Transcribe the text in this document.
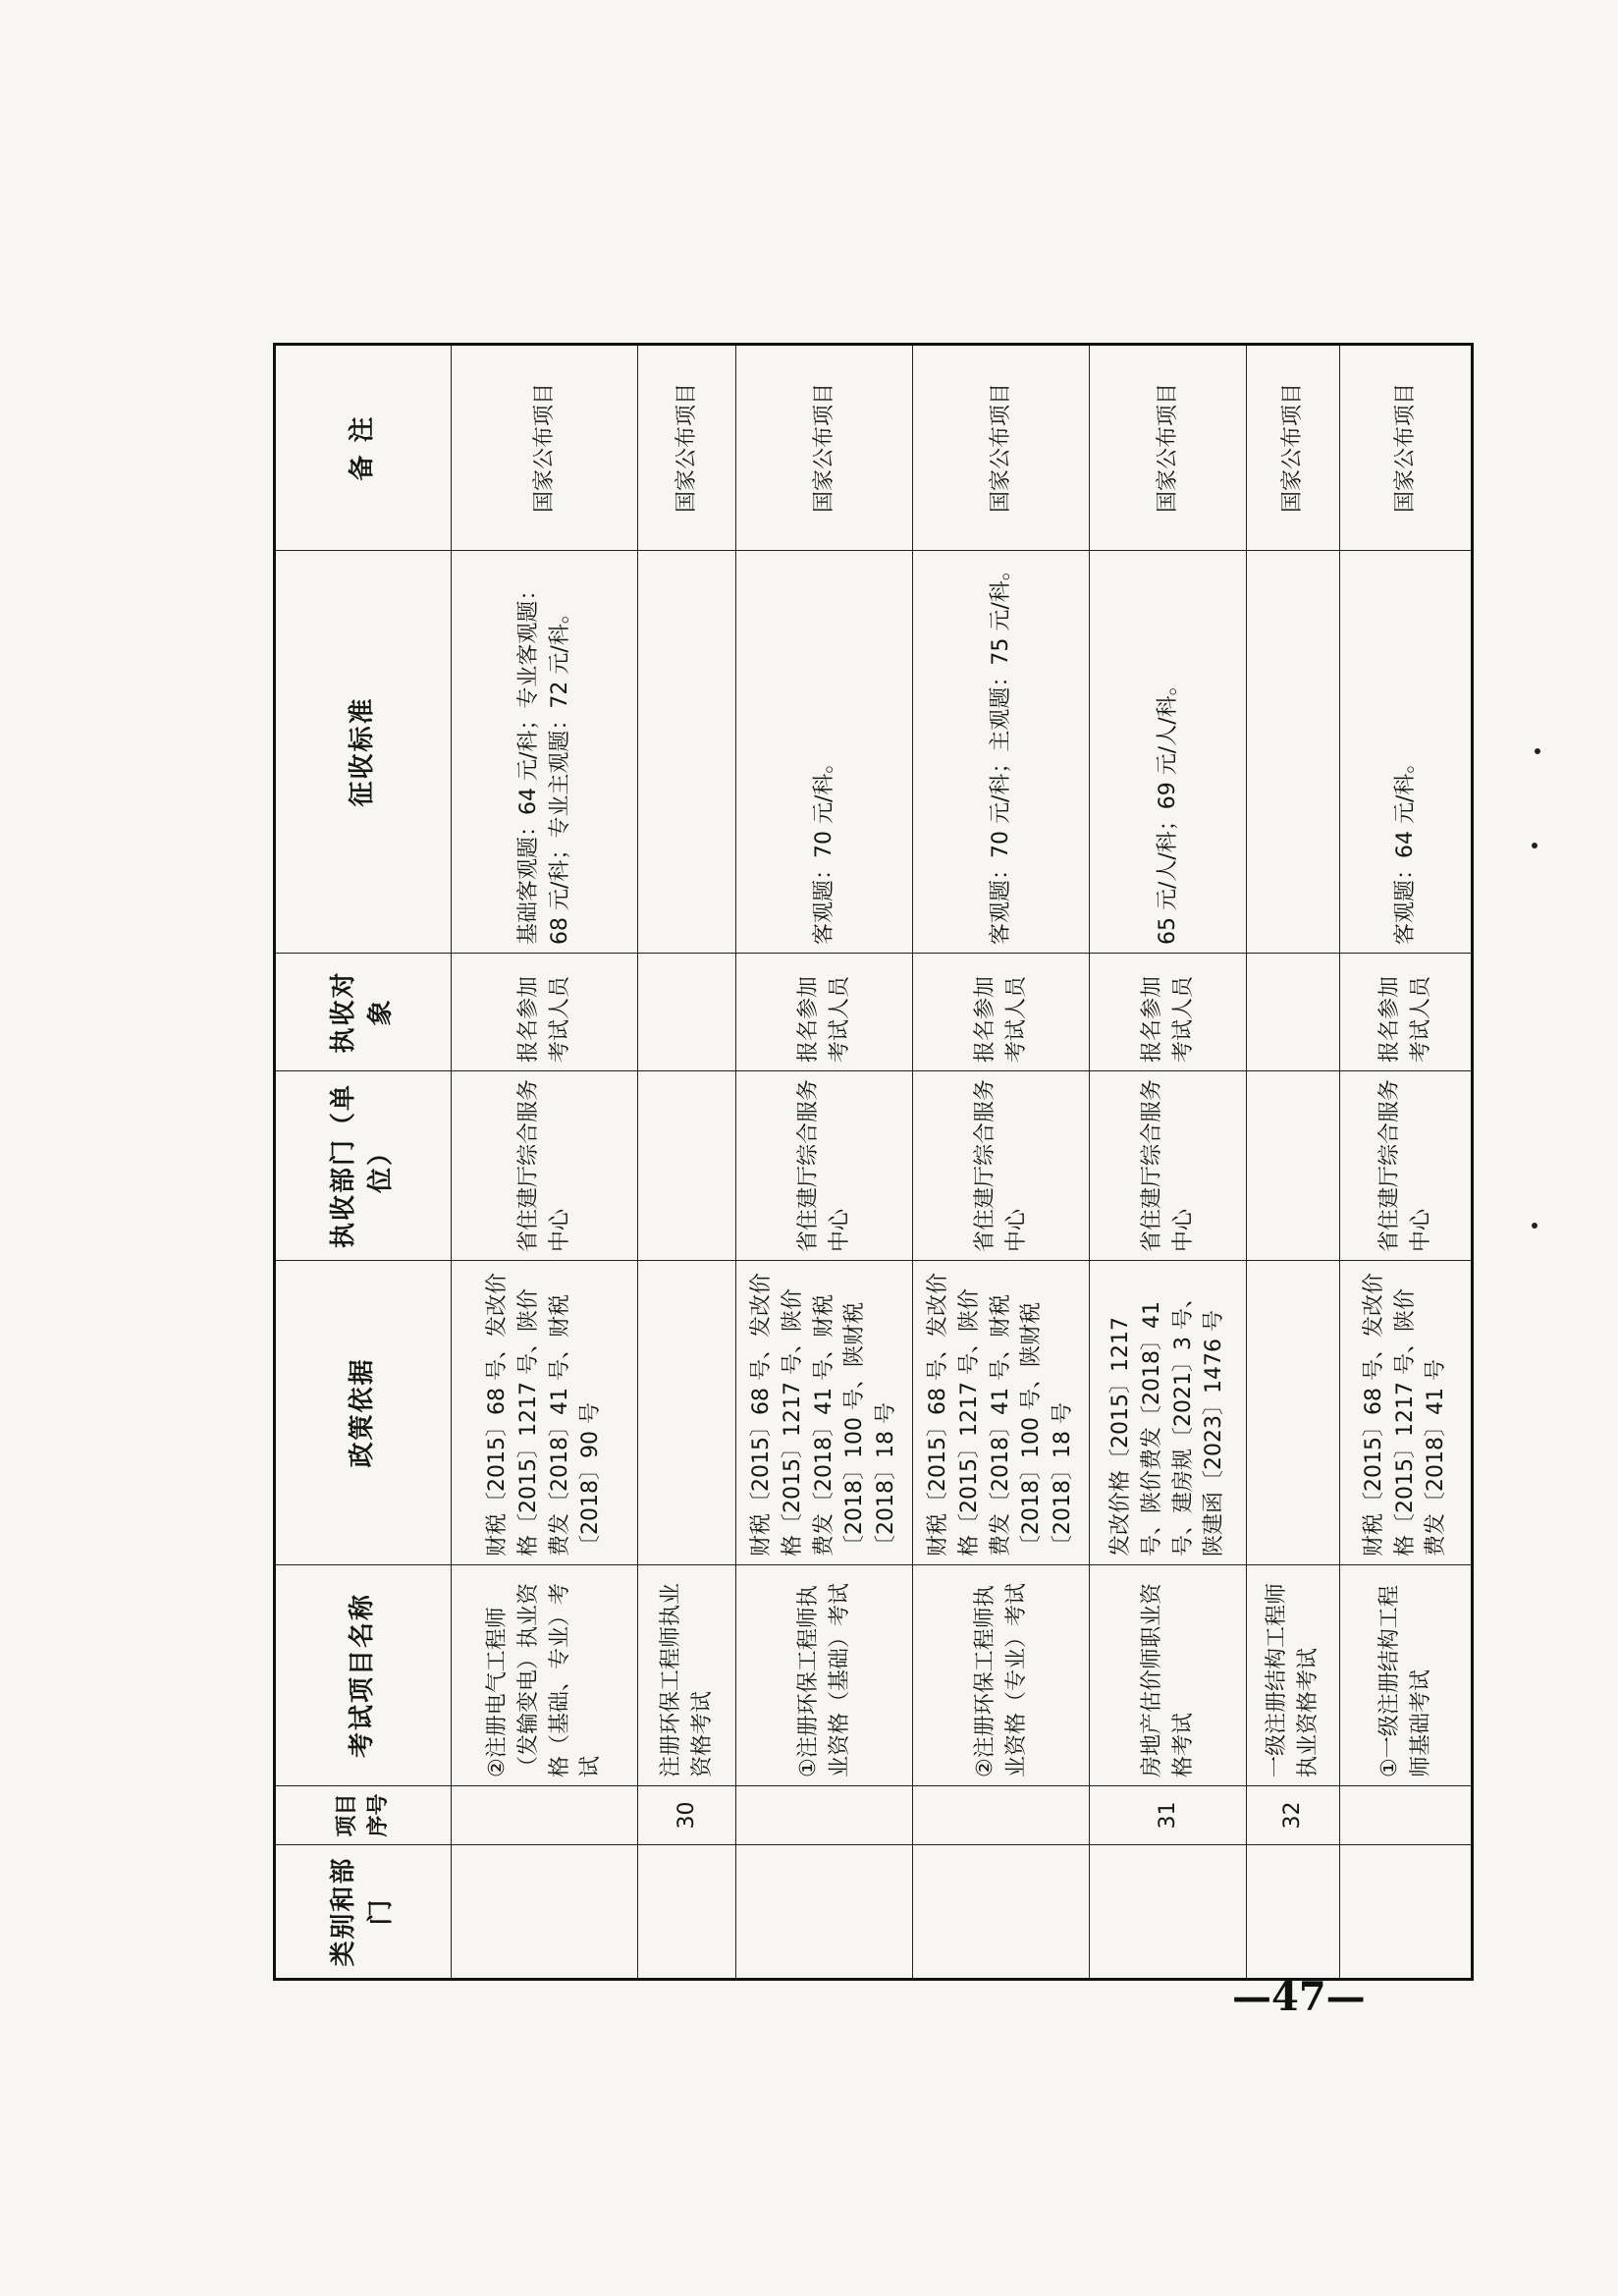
类别和部门	项目序号	考试项目名称	政策依据	执收部门（单位）	执收对象	征收标准	备 注
		②注册电气工程师（发输变电）执业资格（基础、专业）考试	财税〔2015〕68 号、发改价格〔2015〕1217 号、陕价费发〔2018〕41 号、财税〔2018〕90 号	省住建厅综合服务中心	报名参加考试人员	基础客观题：64 元/科；专业客观题：68 元/科；专业主观题：72 元/科。	国家公布项目
	30	注册环保工程师执业资格考试					国家公布项目
		①注册环保工程师执业资格（基础）考试	财税〔2015〕68 号、发改价格〔2015〕1217 号、陕价费发〔2018〕41 号、财税〔2018〕100 号、陕财税〔2018〕18 号	省住建厅综合服务中心	报名参加考试人员	客观题：70 元/科。	国家公布项目
		②注册环保工程师执业资格（专业）考试	财税〔2015〕68 号、发改价格〔2015〕1217 号、陕价费发〔2018〕41 号、财税〔2018〕100 号、陕财税〔2018〕18 号	省住建厅综合服务中心	报名参加考试人员	客观题：70 元/科；主观题：75 元/科。	国家公布项目
	31	房地产估价师职业资格考试	发改价格〔2015〕1217 号、陕价费发〔2018〕41 号、建房规〔2021〕3 号、陕建函〔2023〕1476 号	省住建厅综合服务中心	报名参加考试人员	65 元/人/科；69 元/人/科。	国家公布项目
	32	一级注册结构工程师执业资格考试					国家公布项目
		①一级注册结构工程师基础考试	财税〔2015〕68 号、发改价格〔2015〕1217 号、陕价费发〔2018〕41 号	省住建厅综合服务中心	报名参加考试人员	客观题：64 元/科。	国家公布项目
—47—
